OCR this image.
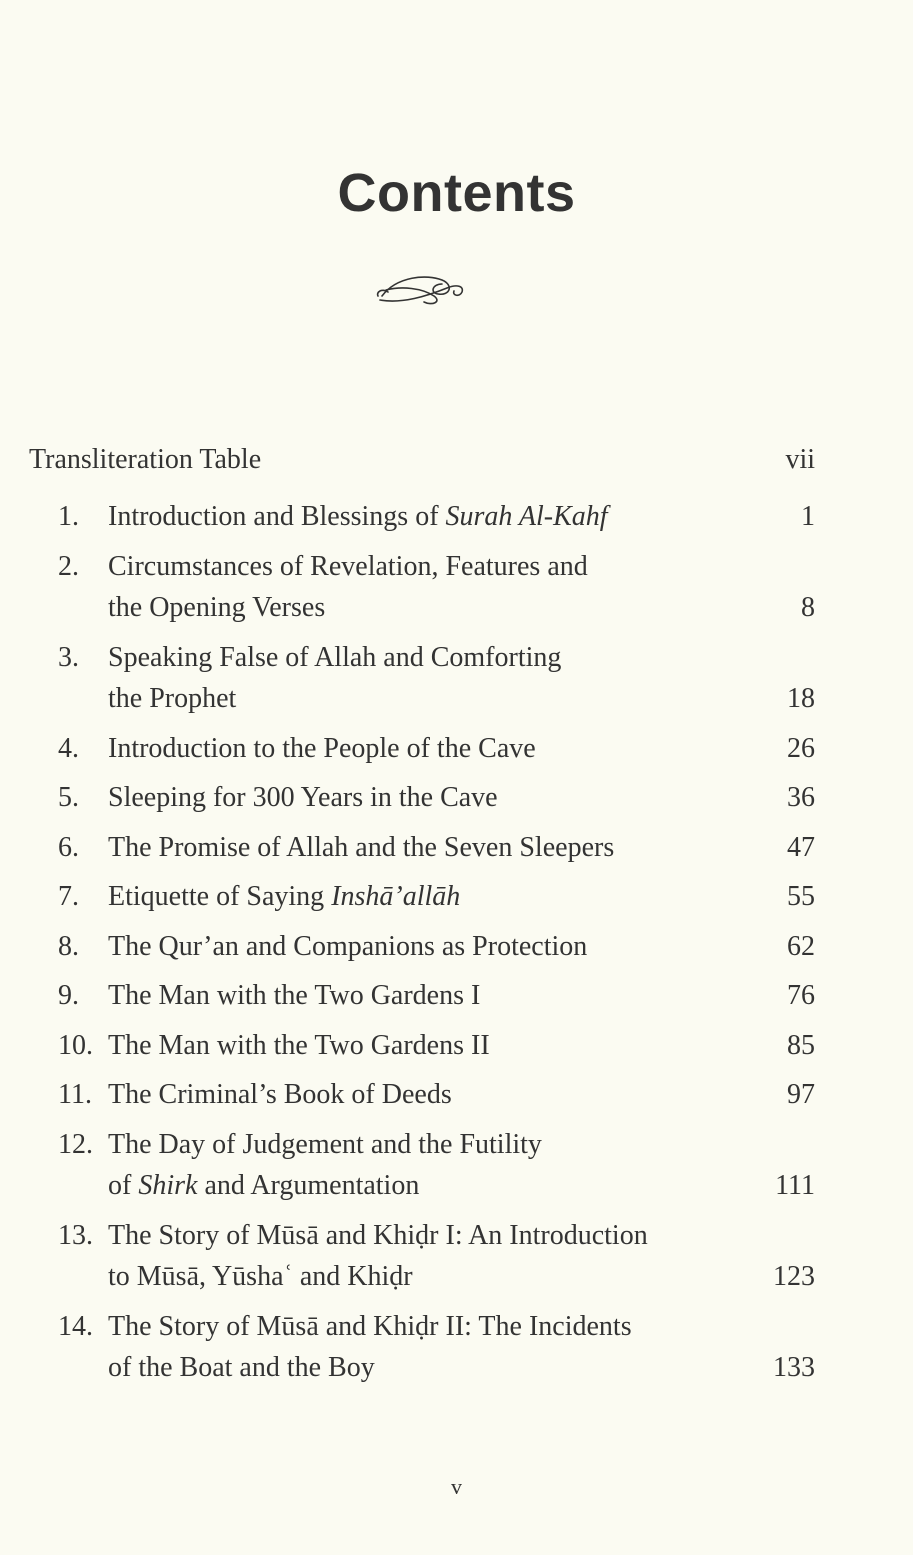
Contents
Transliteration Table	vii
1.	Introduction and Blessings of Surah Al-Kahf	1
2.	Circumstances of Revelation, Features and
the Opening Verses	8
3.	Speaking False of Allah and Comforting
the Prophet	18
4.	Introduction to the People of the Cave	26
5.	Sleeping for 300 Years in the Cave	36
6.	The Promise of Allah and the Seven Sleepers	47
7.	Etiquette of Saying Inshā’allāh	55
8.	The Qur’an and Companions as Protection	62
9.	The Man with the Two Gardens I	76
10. The Man with the Two Gardens II	85
11. The Criminal’s Book of Deeds	97
12. The Day of Judgement and the Futility
of Shirk and Argumentation	111
13. The Story of Mūsā and Khiḍr I: An Introduction
to Mūsā, Yūshaʿ and Khiḍr	123
14. The Story of Mūsā and Khiḍr II: The Incidents
of the Boat and the Boy	133
v
